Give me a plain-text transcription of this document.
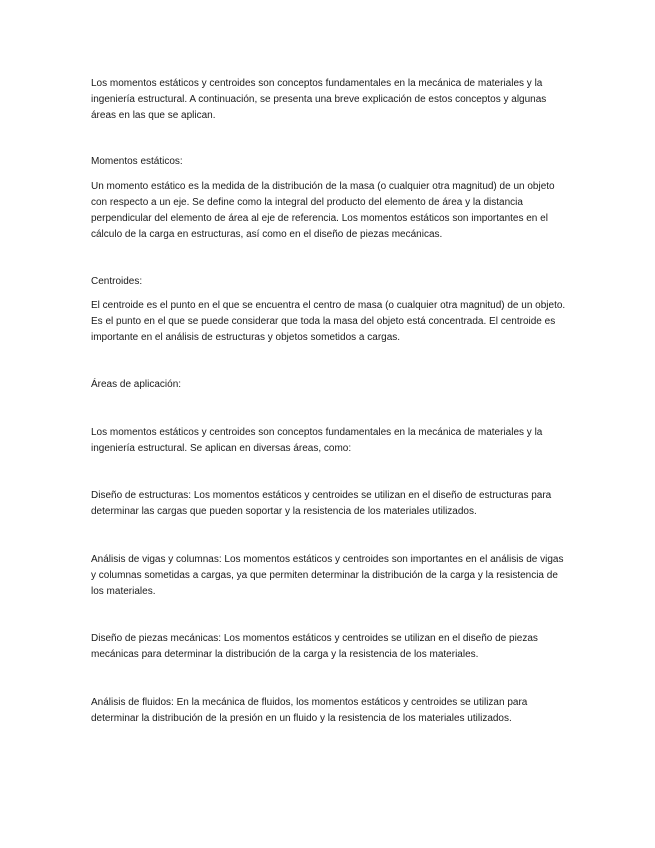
Los momentos estáticos y centroides son conceptos fundamentales en la mecánica de materiales y la ingeniería estructural. A continuación, se presenta una breve explicación de estos conceptos y algunas áreas en las que se aplican.

Momentos estáticos:

Un momento estático es la medida de la distribución de la masa (o cualquier otra magnitud) de un objeto con respecto a un eje. Se define como la integral del producto del elemento de área y la distancia perpendicular del elemento de área al eje de referencia. Los momentos estáticos son importantes en el cálculo de la carga en estructuras, así como en el diseño de piezas mecánicas.

Centroides:

El centroide es el punto en el que se encuentra el centro de masa (o cualquier otra magnitud) de un objeto. Es el punto en el que se puede considerar que toda la masa del objeto está concentrada. El centroide es importante en el análisis de estructuras y objetos sometidos a cargas.

Áreas de aplicación:

Los momentos estáticos y centroides son conceptos fundamentales en la mecánica de materiales y la ingeniería estructural. Se aplican en diversas áreas, como:

Diseño de estructuras: Los momentos estáticos y centroides se utilizan en el diseño de estructuras para determinar las cargas que pueden soportar y la resistencia de los materiales utilizados.

Análisis de vigas y columnas: Los momentos estáticos y centroides son importantes en el análisis de vigas y columnas sometidas a cargas, ya que permiten determinar la distribución de la carga y la resistencia de los materiales.

Diseño de piezas mecánicas: Los momentos estáticos y centroides se utilizan en el diseño de piezas mecánicas para determinar la distribución de la carga y la resistencia de los materiales.

Análisis de fluidos: En la mecánica de fluidos, los momentos estáticos y centroides se utilizan para determinar la distribución de la presión en un fluido y la resistencia de los materiales utilizados.
